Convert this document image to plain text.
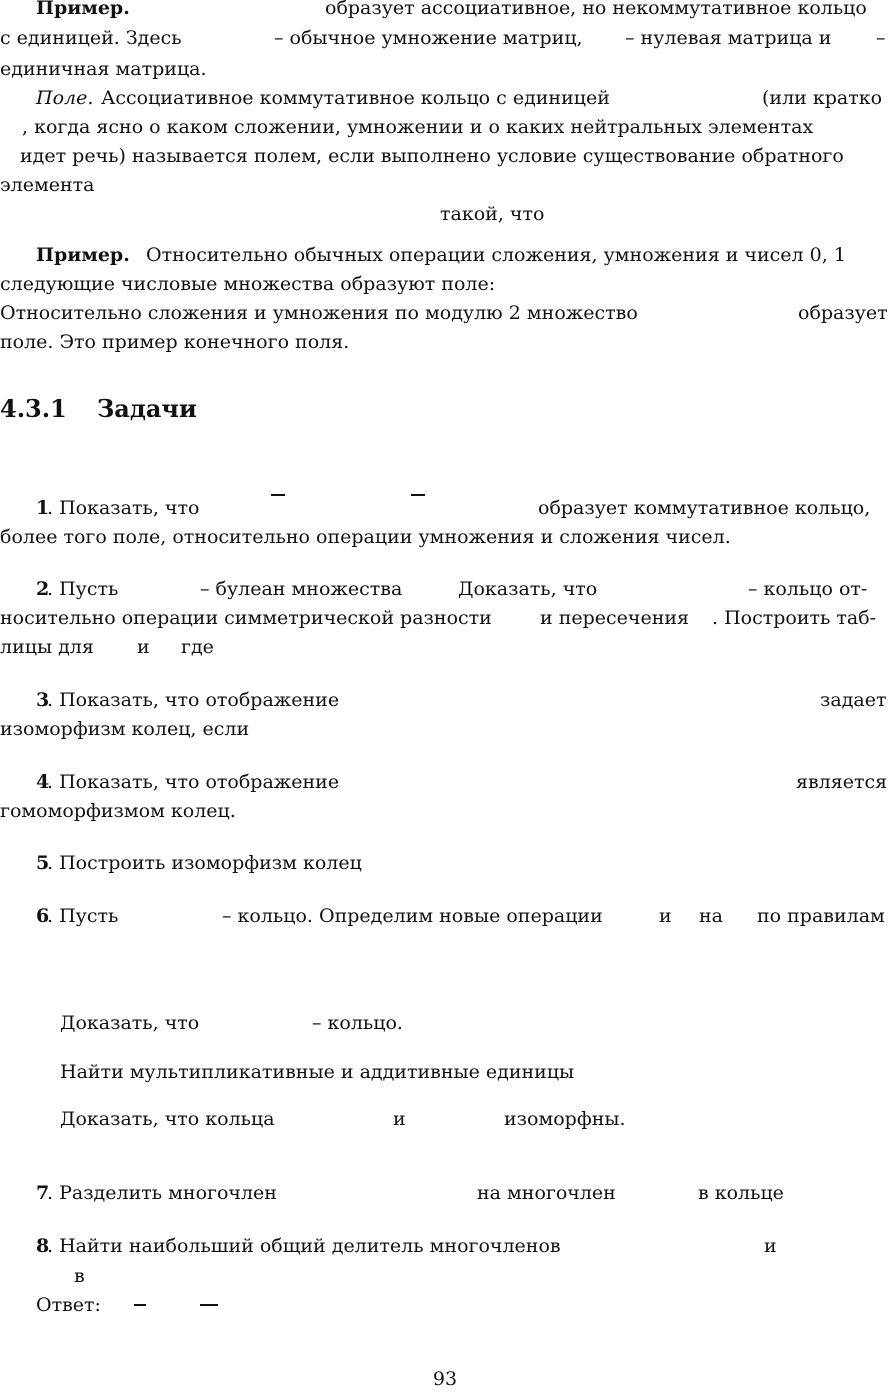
Пример.	образует ассоциативное, но некоммутативное кольцо
с единицей. Здесь	– обычное умножение матриц, – нулевая матрица и –
единичная матрица.
Поле. Ассоциативное коммутативное кольцо с единицей	(или кратко
, когда ясно о каком сложении, умножении и о каких нейтральных элементах
идет речь) называется полем, если выполнено условие существование обратного
элемента
такой, что
Пример. Относительно обычных операции сложения, умножения и чисел 0, 1
следующие числовые множества образуют поле:
Относительно сложения и умножения по модулю 2 множество	образует
поле. Это пример конечного поля.
4.3.1 Задачи
1
. Показать, что	образует коммутативное кольцо,
более того поле, относительно операции умножения и сложения чисел.
2
. Пусть	– булеан множества	Доказать, что	– кольцо от-
носительно операции симметрической разности	и пересечения . Построить таб-
лицы для и где
3
. Показать, что отображение	задает
изоморфизм колец, если
4
. Показать, что отображение	является
гомоморфизмом колец.
5
. Построить изоморфизм колец
6
. Пусть	– кольцо. Определим новые операции	и на по правилам
Доказать, что	– кольцо.
Найти мультипликативные и аддитивные единицы
Доказать, что кольца	и	изоморфны.
7
. Разделить многочлен	на многочлен	в кольце
8
. Найти наибольший общий делитель многочленов	и
в
Ответ:
93
